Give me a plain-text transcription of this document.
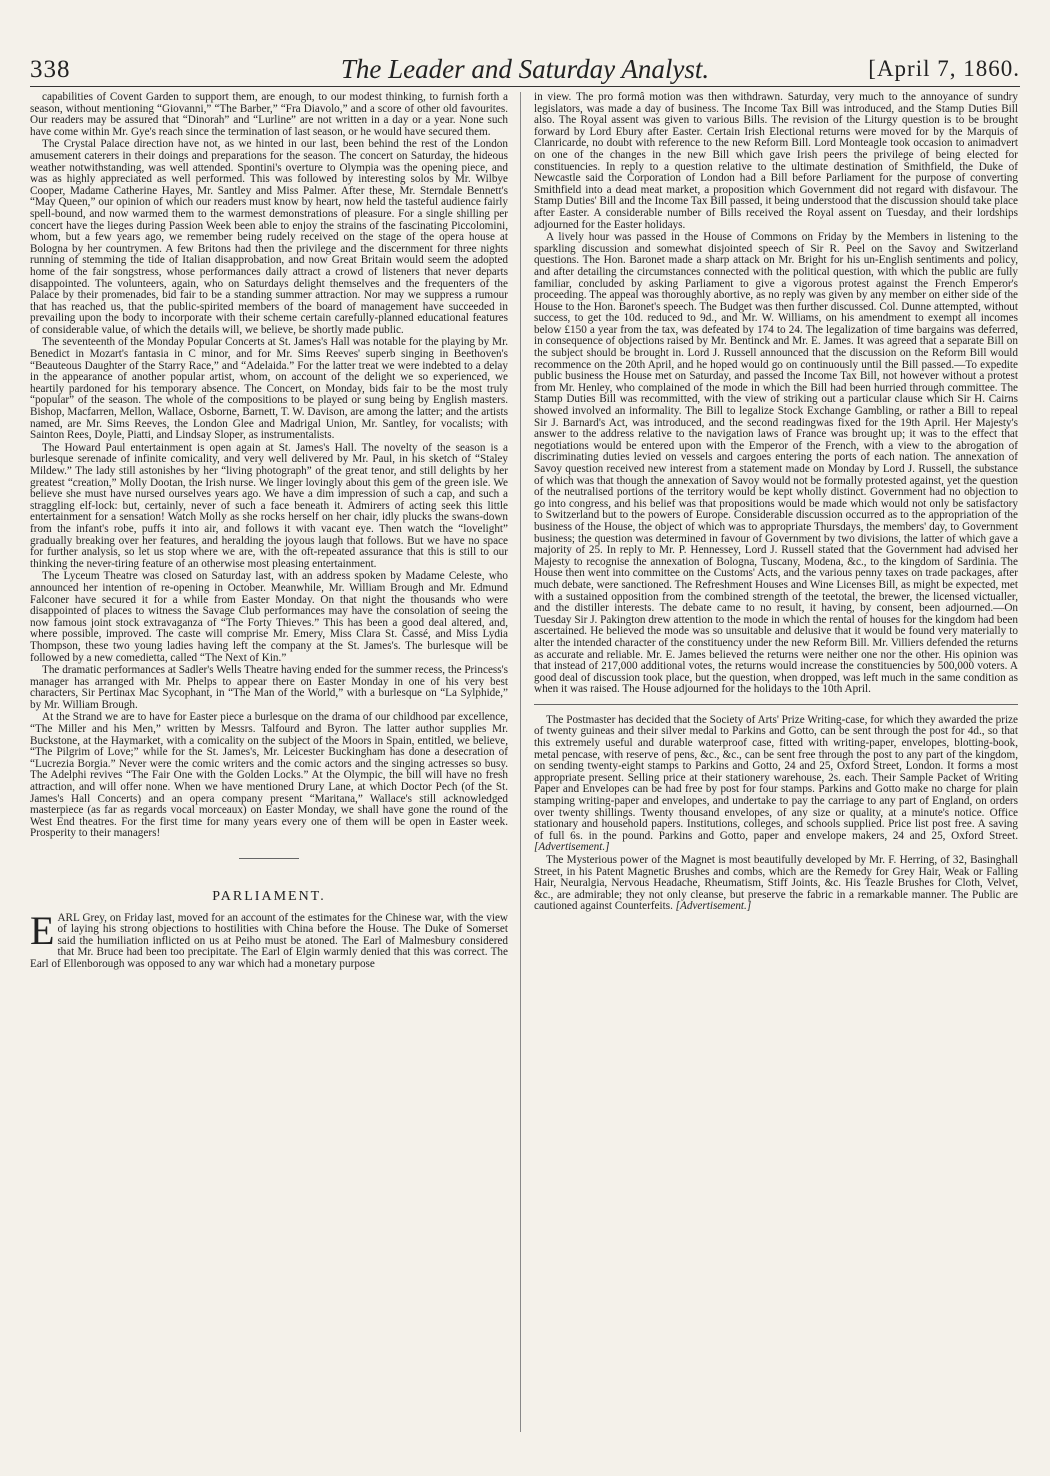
338	The Leader and Saturday Analyst.	[April 7, 1860.

capabilities of Covent Garden to support them, are enough, to our modest thinking, to furnish forth a season, without mentioning “Giovanni,” “The Barber,” “Fra Diavolo,” and a score of other old favourites. Our readers may be assured that “Dinorah” and “Lurline” are not written in a day or a year. None such have come within Mr. Gye's reach since the termination of last season, or he would have secured them.

The Crystal Palace direction have not, as we hinted in our last, been behind the rest of the London amusement caterers in their doings and preparations for the season. The concert on Saturday, the hideous weather notwithstanding, was well attended. Spontini's overture to Olympia was the opening piece, and was as highly appreciated as well performed. This was followed by interesting solos by Mr. Wilbye Cooper, Madame Catherine Hayes, Mr. Santley and Miss Palmer. After these, Mr. Sterndale Bennett's “May Queen,” our opinion of which our readers must know by heart, now held the tasteful audience fairly spell-bound, and now warmed them to the warmest demonstrations of pleasure. For a single shilling per concert have the lieges during Passion Week been able to enjoy the strains of the fascinating Piccolomini, whom, but a few years ago, we remember being rudely received on the stage of the opera house at Bologna by her countrymen. A few Britons had then the privilege and the discernment for three nights running of stemming the tide of Italian disapprobation, and now Great Britain would seem the adopted home of the fair songstress, whose performances daily attract a crowd of listeners that never departs disappointed. The volunteers, again, who on Saturdays delight themselves and the frequenters of the Palace by their promenades, bid fair to be a standing summer attraction. Nor may we suppress a rumour that has reached us, that the public-spirited members of the board of management have succeeded in prevailing upon the body to incorporate with their scheme certain carefully-planned educational features of considerable value, of which the details will, we believe, be shortly made public.

The seventeenth of the Monday Popular Concerts at St. James's Hall was notable for the playing by Mr. Benedict in Mozart's fantasia in C minor, and for Mr. Sims Reeves' superb singing in Beethoven's “Beauteous Daughter of the Starry Race,” and “Adelaida.” For the latter treat we were indebted to a delay in the appearance of another popular artist, whom, on account of the delight we so experienced, we heartily pardoned for his temporary absence. The Concert, on Monday, bids fair to be the most truly “popular” of the season. The whole of the compositions to be played or sung being by English masters. Bishop, Macfarren, Mellon, Wallace, Osborne, Barnett, T. W. Davison, are among the latter; and the artists named, are Mr. Sims Reeves, the London Glee and Madrigal Union, Mr. Santley, for vocalists; with Sainton Rees, Doyle, Piatti, and Lindsay Sloper, as instrumentalists.

The Howard Paul entertainment is open again at St. James's Hall. The novelty of the season is a burlesque serenade of infinite comicality, and very well delivered by Mr. Paul, in his sketch of “Staley Mildew.” The lady still astonishes by her “living photograph” of the great tenor, and still delights by her greatest “creation,” Molly Dootan, the Irish nurse. We linger lovingly about this gem of the green isle. We believe she must have nursed ourselves years ago. We have a dim impression of such a cap, and such a straggling elf-lock: but, certainly, never of such a face beneath it. Admirers of acting seek this little entertainment for a sensation! Watch Molly as she rocks herself on her chair, idly plucks the swans-down from the infant's robe, puffs it into air, and follows it with vacant eye. Then watch the “lovelight” gradually breaking over her features, and heralding the joyous laugh that follows. But we have no space for further analysis, so let us stop where we are, with the oft-repeated assurance that this is still to our thinking the never-tiring feature of an otherwise most pleasing entertainment.

The Lyceum Theatre was closed on Saturday last, with an address spoken by Madame Celeste, who announced her intention of re-opening in October. Meanwhile, Mr. William Brough and Mr. Edmund Falconer have secured it for a while from Easter Monday. On that night the thousands who were disappointed of places to witness the Savage Club performances may have the consolation of seeing the now famous joint stock extravaganza of “The Forty Thieves.” This has been a good deal altered, and, where possible, improved. The caste will comprise Mr. Emery, Miss Clara St. Cassé, and Miss Lydia Thompson, these two young ladies having left the company at the St. James's. The burlesque will be followed by a new comedietta, called “The Next of Kin.”

The dramatic performances at Sadler's Wells Theatre having ended for the summer recess, the Princess's manager has arranged with Mr. Phelps to appear there on Easter Monday in one of his very best characters, Sir Pertinax Mac Sycophant, in “The Man of the World,” with a burlesque on “La Sylphide,” by Mr. William Brough.

At the Strand we are to have for Easter piece a burlesque on the drama of our childhood par excellence, “The Miller and his Men,” written by Messrs. Talfourd and Byron. The latter author supplies Mr. Buckstone, at the Haymarket, with a comicality on the subject of the Moors in Spain, entitled, we believe, “The Pilgrim of Love;” while for the St. James's, Mr. Leicester Buckingham has done a desecration of “Lucrezia Borgia.” Never were the comic writers and the comic actors and the singing actresses so busy. The Adelphi revives “The Fair One with the Golden Locks.” At the Olympic, the bill will have no fresh attraction, and will offer none. When we have mentioned Drury Lane, at which Doctor Pech (of the St. James's Hall Concerts) and an opera company present “Maritana,” Wallace's still acknowledged masterpiece (as far as regards vocal morceaux) on Easter Monday, we shall have gone the round of the West End theatres. For the first time for many years every one of them will be open in Easter week. Prosperity to their managers!

PARLIAMENT.

EARL Grey, on Friday last, moved for an account of the estimates for the Chinese war, with the view of laying his strong objections to hostilities with China before the House. The Duke of Somerset said the humiliation inflicted on us at Peiho must be atoned. The Earl of Malmesbury considered that Mr. Bruce had been too precipitate. The Earl of Elgin warmly denied that this was correct. The Earl of Ellenborough was opposed to any war which had a monetary purpose

in view. The pro formâ motion was then withdrawn. Saturday, very much to the annoyance of sundry legislators, was made a day of business. The Income Tax Bill was introduced, and the Stamp Duties Bill also. The Royal assent was given to various Bills. The revision of the Liturgy question is to be brought forward by Lord Ebury after Easter. Certain Irish Electional returns were moved for by the Marquis of Clanricarde, no doubt with reference to the new Reform Bill. Lord Monteagle took occasion to animadvert on one of the changes in the new Bill which gave Irish peers the privilege of being elected for constituencies. In reply to a question relative to the ultimate destination of Smithfield, the Duke of Newcastle said the Corporation of London had a Bill before Parliament for the purpose of converting Smithfield into a dead meat market, a proposition which Government did not regard with disfavour. The Stamp Duties' Bill and the Income Tax Bill passed, it being understood that the discussion should take place after Easter. A considerable number of Bills received the Royal assent on Tuesday, and their lordships adjourned for the Easter holidays.

A lively hour was passed in the House of Commons on Friday by the Members in listening to the sparkling discussion and somewhat disjointed speech of Sir R. Peel on the Savoy and Switzerland questions. The Hon. Baronet made a sharp attack on Mr. Bright for his un-English sentiments and policy, and after detailing the circumstances connected with the political question, with which the public are fully familiar, concluded by asking Parliament to give a vigorous protest against the French Emperor's proceeding. The appeal was thoroughly abortive, as no reply was given by any member on either side of the House to the Hon. Baronet's speech. The Budget was then further discussed. Col. Dunne attempted, without success, to get the 10d. reduced to 9d., and Mr. W. Williams, on his amendment to exempt all incomes below £150 a year from the tax, was defeated by 174 to 24. The legalization of time bargains was deferred, in consequence of objections raised by Mr. Bentinck and Mr. E. James. It was agreed that a separate Bill on the subject should be brought in. Lord J. Russell announced that the discussion on the Reform Bill would recommence on the 20th April, and he hoped would go on continuously until the Bill passed.—To expedite public business the House met on Saturday, and passed the Income Tax Bill, not however without a protest from Mr. Henley, who complained of the mode in which the Bill had been hurried through committee. The Stamp Duties Bill was recommitted, with the view of striking out a particular clause which Sir H. Cairns showed involved an informality. The Bill to legalize Stock Exchange Gambling, or rather a Bill to repeal Sir J. Barnard's Act, was introduced, and the second readingwas fixed for the 19th April. Her Majesty's answer to the address relative to the navigation laws of France was brought up; it was to the effect that negotiations would be entered upon with the Emperor of the French, with a view to the abrogation of discriminating duties levied on vessels and cargoes entering the ports of each nation. The annexation of Savoy question received new interest from a statement made on Monday by Lord J. Russell, the substance of which was that though the annexation of Savoy would not be formally protested against, yet the question of the neutralised portions of the territory would be kept wholly distinct. Government had no objection to go into congress, and his belief was that propositions would be made which would not only be satisfactory to Switzerland but to the powers of Europe. Considerable discussion occurred as to the appropriation of the business of the House, the object of which was to appropriate Thursdays, the members' day, to Government business; the question was determined in favour of Government by two divisions, the latter of which gave a majority of 25. In reply to Mr. P. Hennessey, Lord J. Russell stated that the Government had advised her Majesty to recognise the annexation of Bologna, Tuscany, Modena, &c., to the kingdom of Sardinia. The House then went into committee on the Customs' Acts, and the various penny taxes on trade packages, after much debate, were sanctioned. The Refreshment Houses and Wine Licenses Bill, as might be expected, met with a sustained opposition from the combined strength of the teetotal, the brewer, the licensed victualler, and the distiller interests. The debate came to no result, it having, by consent, been adjourned.—On Tuesday Sir J. Pakington drew attention to the mode in which the rental of houses for the kingdom had been ascertained. He believed the mode was so unsuitable and delusive that it would be found very materially to alter the intended character of the constituency under the new Reform Bill. Mr. Villiers defended the returns as accurate and reliable. Mr. E. James believed the returns were neither one nor the other. His opinion was that instead of 217,000 additional votes, the returns would increase the constituencies by 500,000 voters. A good deal of discussion took place, but the question, when dropped, was left much in the same condition as when it was raised. The House adjourned for the holidays to the 10th April.

The Postmaster has decided that the Society of Arts' Prize Writing-case, for which they awarded the prize of twenty guineas and their silver medal to Parkins and Gotto, can be sent through the post for 4d., so that this extremely useful and durable waterproof case, fitted with writing-paper, envelopes, blotting-book, metal pencase, with reserve of pens, &c., &c., can be sent free through the post to any part of the kingdom, on sending twenty-eight stamps to Parkins and Gotto, 24 and 25, Oxford Street, London. It forms a most appropriate present. Selling price at their stationery warehouse, 2s. each. Their Sample Packet of Writing Paper and Envelopes can be had free by post for four stamps. Parkins and Gotto make no charge for plain stamping writing-paper and envelopes, and undertake to pay the carriage to any part of England, on orders over twenty shillings. Twenty thousand envelopes, of any size or quality, at a minute's notice. Office stationary and household papers. Institutions, colleges, and schools supplied. Price list post free. A saving of full 6s. in the pound. Parkins and Gotto, paper and envelope makers, 24 and 25, Oxford Street. [Advertisement.]

The Mysterious power of the Magnet is most beautifully developed by Mr. F. Herring, of 32, Basinghall Street, in his Patent Magnetic Brushes and combs, which are the Remedy for Grey Hair, Weak or Falling Hair, Neuralgia, Nervous Headache, Rheumatism, Stiff Joints, &c. His Teazle Brushes for Cloth, Velvet, &c., are admirable; they not only cleanse, but preserve the fabric in a remarkable manner. The Public are cautioned against Counterfeits. [Advertisement.]
